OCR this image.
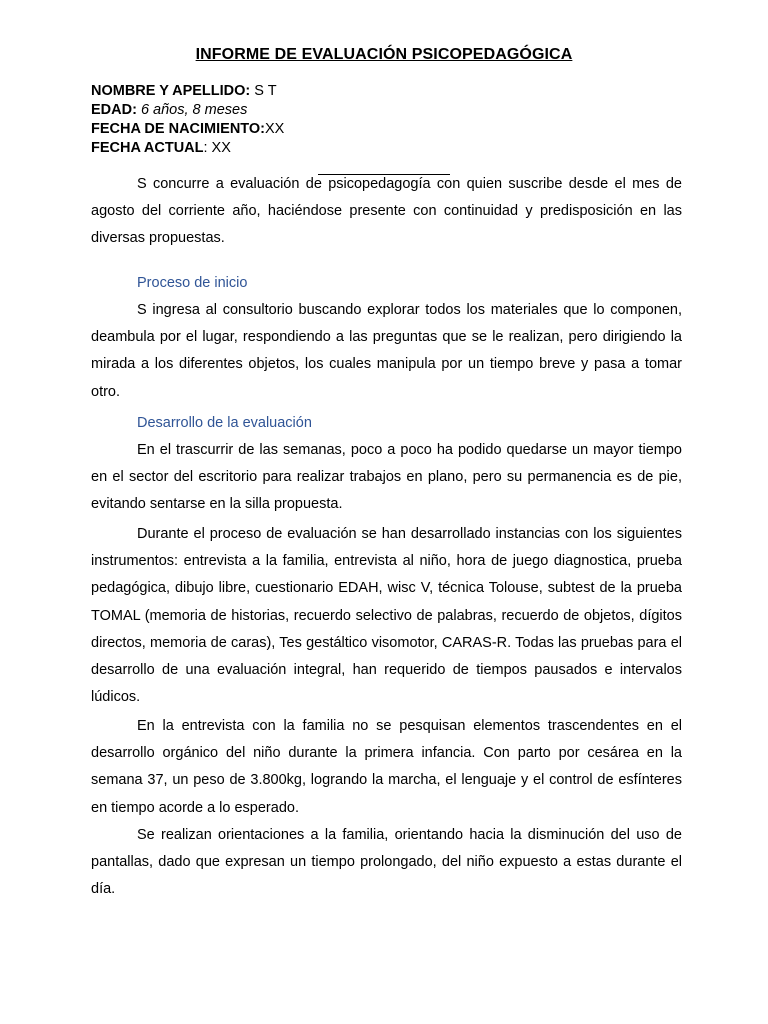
INFORME DE EVALUACIÓN PSICOPEDAGÓGICA
NOMBRE Y APELLIDO: S T
EDAD: 6 años, 8 meses
FECHA DE NACIMIENTO:XX
FECHA ACTUAL: XX
S concurre a evaluación de psicopedagogía con quien suscribe desde el mes de agosto del corriente año, haciéndose presente con continuidad y predisposición en las diversas propuestas.
Proceso de inicio
S ingresa al consultorio buscando explorar todos los materiales que lo componen, deambula por el lugar, respondiendo a las preguntas que se le realizan, pero dirigiendo la mirada a los diferentes objetos, los cuales manipula por un tiempo breve y pasa a tomar otro.
Desarrollo de la evaluación
En el trascurrir de las semanas, poco a poco ha podido quedarse un mayor tiempo en el sector del escritorio para realizar trabajos en plano, pero su permanencia es de pie, evitando sentarse en la silla propuesta.
Durante el proceso de evaluación se han desarrollado instancias con los siguientes instrumentos: entrevista a la familia, entrevista al niño, hora de juego diagnostica, prueba pedagógica, dibujo libre, cuestionario EDAH, wisc V, técnica Tolouse, subtest de la prueba TOMAL (memoria de historias, recuerdo selectivo de palabras, recuerdo de objetos, dígitos directos, memoria de caras), Tes gestáltico visomotor, CARAS-R. Todas las pruebas para el desarrollo de una evaluación integral, han requerido de tiempos pausados e intervalos lúdicos.
En la entrevista con la familia no se pesquisan elementos trascendentes en el desarrollo orgánico del niño durante la primera infancia. Con parto por cesárea en la semana 37, un peso de 3.800kg, logrando la marcha, el lenguaje y el control de esfínteres en tiempo acorde a lo esperado.
Se realizan orientaciones a la familia, orientando hacia la disminución del uso de pantallas, dado que expresan un tiempo prolongado, del niño expuesto a estas durante el día.
